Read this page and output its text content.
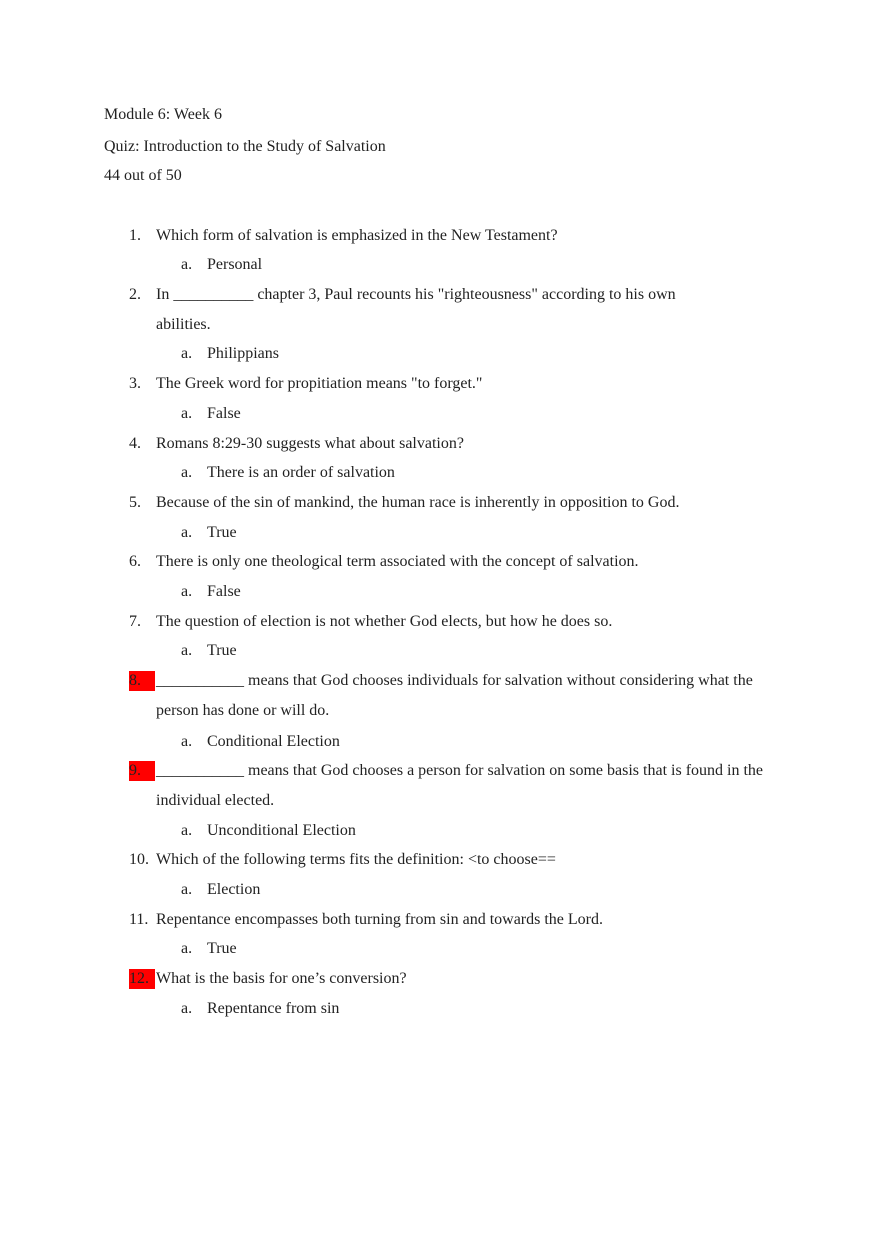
Module 6: Week 6
Quiz: Introduction to the Study of Salvation
44 out of 50
1. Which form of salvation is emphasized in the New Testament?
a. Personal
2. In __________ chapter 3, Paul recounts his "righteousness" according to his own abilities.
a. Philippians
3. The Greek word for propitiation means "to forget."
a. False
4. Romans 8:29-30 suggests what about salvation?
a. There is an order of salvation
5. Because of the sin of mankind, the human race is inherently in opposition to God.
a. True
6. There is only one theological term associated with the concept of salvation.
a. False
7. The question of election is not whether God elects, but how he does so.
a. True
8. ___________ means that God chooses individuals for salvation without considering what the person has done or will do.
a. Conditional Election
9. ___________ means that God chooses a person for salvation on some basis that is found in the individual elected.
a. Unconditional Election
10. Which of the following terms fits the definition: <to choose==
a. Election
11. Repentance encompasses both turning from sin and towards the Lord.
a. True
12. What is the basis for one’s conversion?
a. Repentance from sin
